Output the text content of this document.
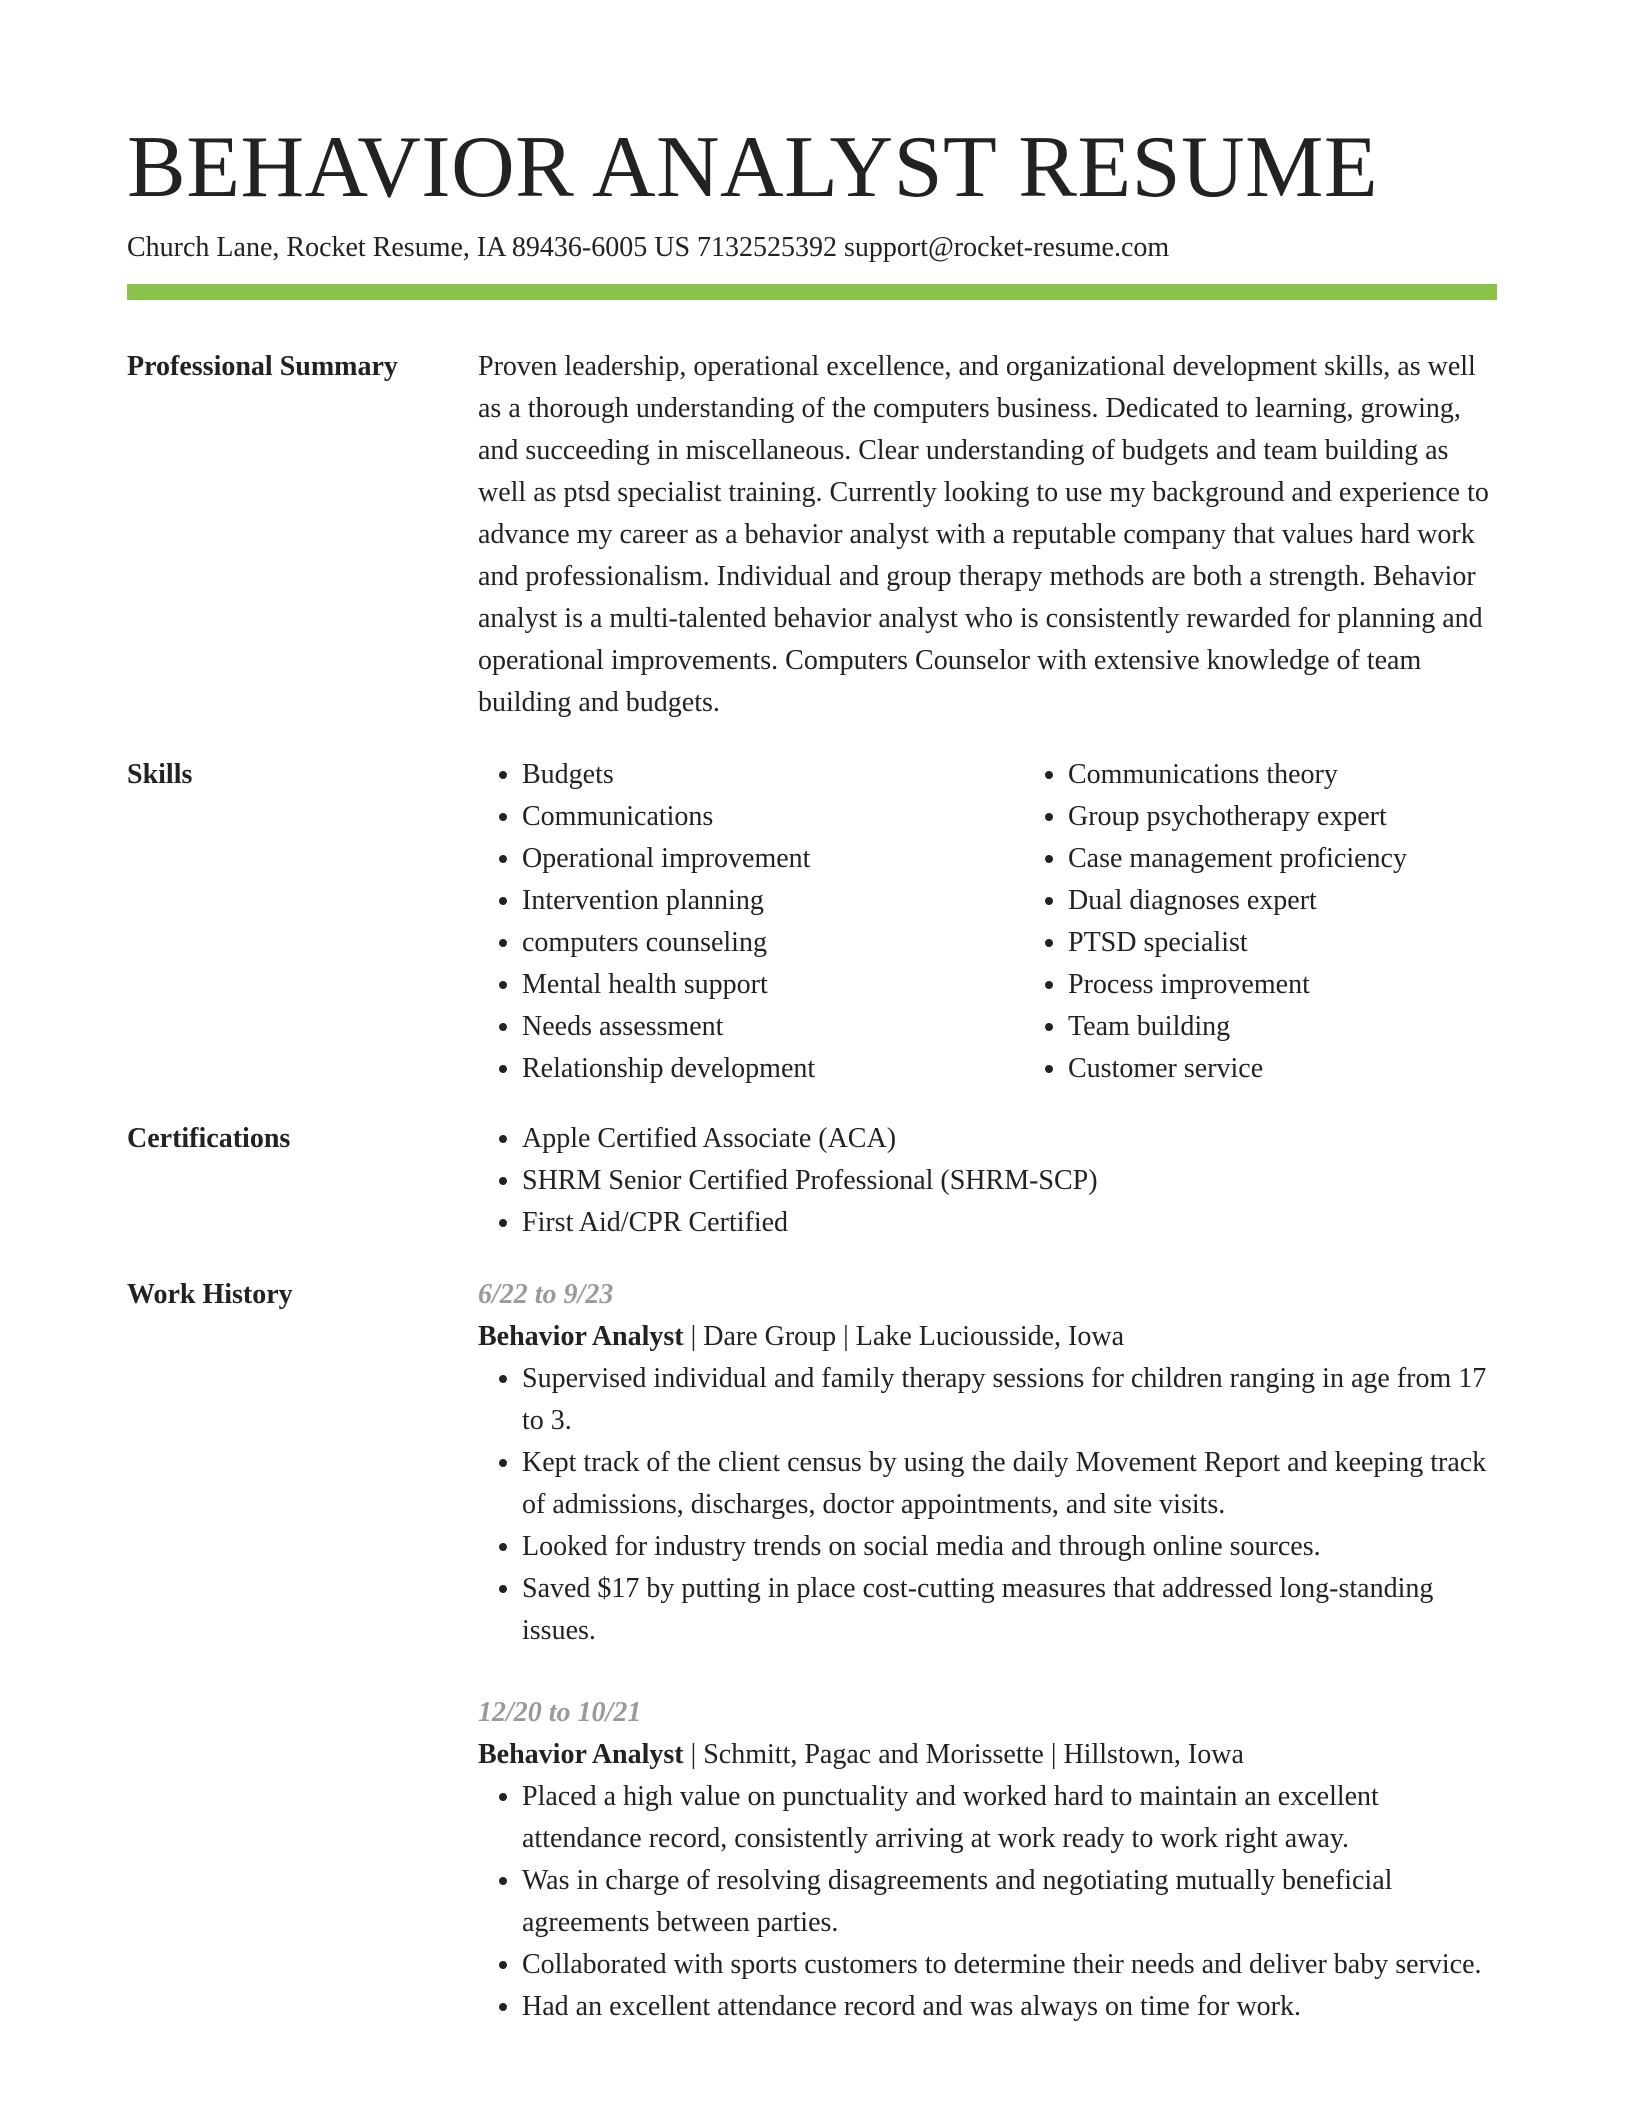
BEHAVIOR ANALYST RESUME

Church Lane, Rocket Resume, IA 89436-6005 US 7132525392 support@rocket-resume.com

Professional Summary	Proven leadership, operational excellence, and organizational development skills, as well as a thorough understanding of the computers business. Dedicated to learning, growing, and succeeding in miscellaneous. Clear understanding of budgets and team building as well as ptsd specialist training. Currently looking to use my background and experience to advance my career as a behavior analyst with a reputable company that values hard work and professionalism. Individual and group therapy methods are both a strength. Behavior analyst is a multi-talented behavior analyst who is consistently rewarded for planning and operational improvements. Computers Counselor with extensive knowledge of team building and budgets.

Skills	• Budgets
• Communications
• Operational improvement
• Intervention planning
• computers counseling
• Mental health support
• Needs assessment
• Relationship development
• Communications theory
• Group psychotherapy expert
• Case management proficiency
• Dual diagnoses expert
• PTSD specialist
• Process improvement
• Team building
• Customer service
Certifications	• Apple Certified Associate (ACA)
• SHRM Senior Certified Professional (SHRM-SCP)
• First Aid/CPR Certified
Work History	6/22 to 9/23

Behavior Analyst | Dare Group | Lake Luciousside, Iowa

• Supervised individual and family therapy sessions for children ranging in age from 17 to 3.
• Kept track of the client census by using the daily Movement Report and keeping track of admissions, discharges, doctor appointments, and site visits.
• Looked for industry trends on social media and through online sources.
• Saved $17 by putting in place cost-cutting measures that addressed long-standing issues.

12/20 to 10/21

Behavior Analyst | Schmitt, Pagac and Morissette | Hillstown, Iowa

• Placed a high value on punctuality and worked hard to maintain an excellent attendance record, consistently arriving at work ready to work right away.
• Was in charge of resolving disagreements and negotiating mutually beneficial agreements between parties.
• Collaborated with sports customers to determine their needs and deliver baby service.
• Had an excellent attendance record and was always on time for work.
